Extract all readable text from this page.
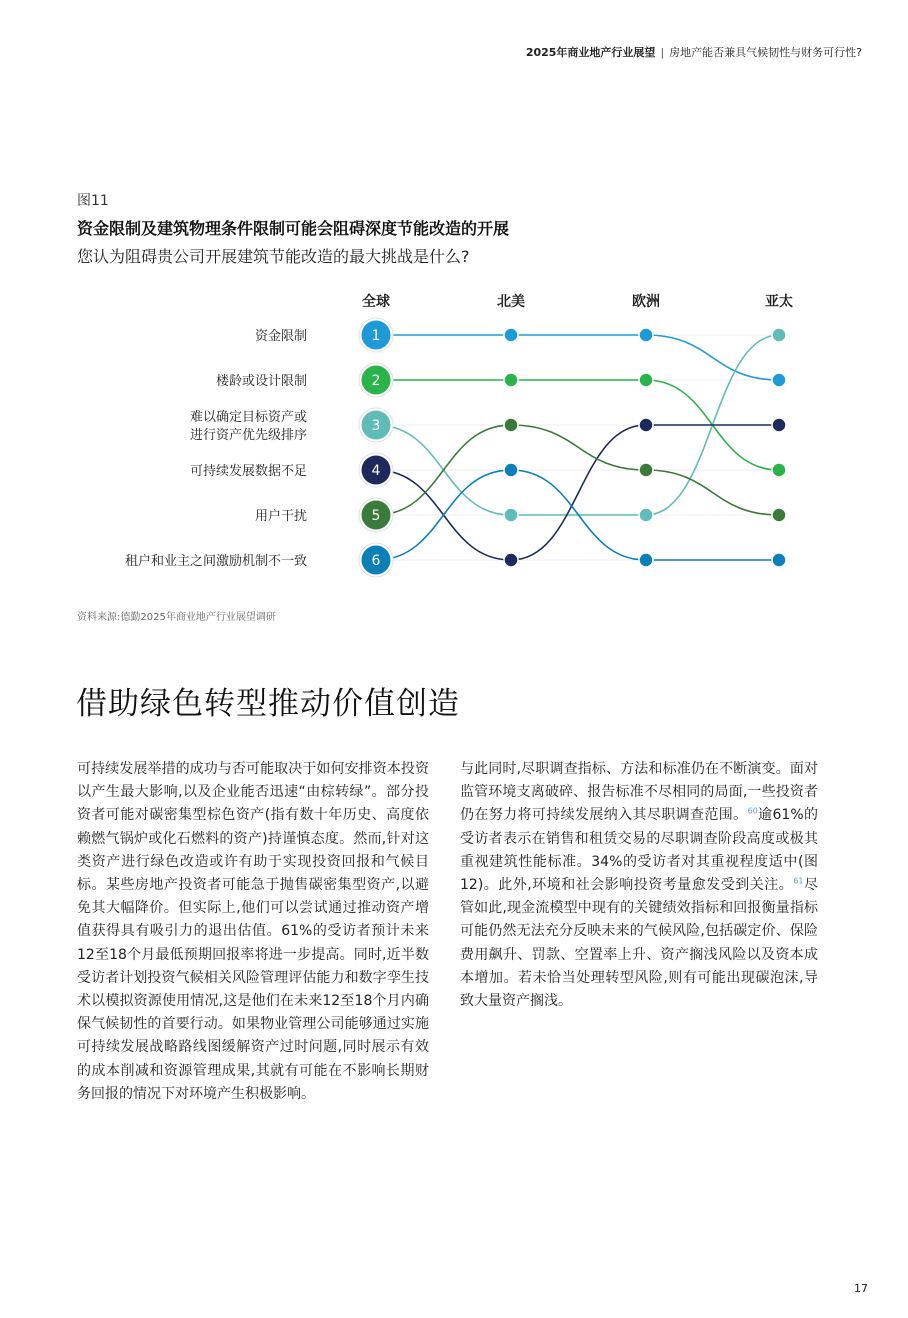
2025年商业地产行业展望 | 房地产能否兼具气候韧性与财务可行性?
图11
资金限制及建筑物理条件限制可能会阻碍深度节能改造的开展
您认为阻碍贵公司开展建筑节能改造的最大挑战是什么?
全球	北美	欧洲	亚太
资金限制
楼龄或设计限制
难以确定目标资产或进行资产优先级排序
可持续发展数据不足
用户干扰
租户和业主之间激励机制不一致
1
2
3
4
5
6
资料来源:德勤2025年商业地产行业展望调研
借助绿色转型推动价值创造

可持续发展举措的成功与否可能取决于如何安排资本投资以产生最大影响,以及企业能否迅速“由棕转绿”。部分投资者可能对碳密集型棕色资产(指有数十年历史、高度依赖燃气锅炉或化石燃料的资产)持谨慎态度。然而,针对这类资产进行绿色改造或许有助于实现投资回报和气候目标。某些房地产投资者可能急于抛售碳密集型资产,以避免其大幅降价。但实际上,他们可以尝试通过推动资产增值获得具有吸引力的退出估值。61%的受访者预计未来12至18个月最低预期回报率将进一步提高。同时,近半数受访者计划投资气候相关风险管理评估能力和数字孪生技术以模拟资源使用情况,这是他们在未来12至18个月内确保气候韧性的首要行动。如果物业管理公司能够通过实施可持续发展战略路线图缓解资产过时问题,同时展示有效的成本削减和资源管理成果,其就有可能在不影响长期财务回报的情况下对环境产生积极影响。

与此同时,尽职调查指标、方法和标准仍在不断演变。面对监管环境支离破碎、报告标准不尽相同的局面,一些投资者仍在努力将可持续发展纳入其尽职调查范围。$^{60}$逾61%的受访者表示在销售和租赁交易的尽职调查阶段高度或极其重视建筑性能标准。34%的受访者对其重视程度适中(图12)。此外,环境和社会影响投资考量愈发受到关注。$^{61}$尽管如此,现金流模型中现有的关键绩效指标和回报衡量指标可能仍然无法充分反映未来的气候风险,包括碳定价、保险费用飙升、罚款、空置率上升、资产搁浅风险以及资本成本增加。若未恰当处理转型风险,则有可能出现碳泡沫,导致大量资产搁浅。

17
